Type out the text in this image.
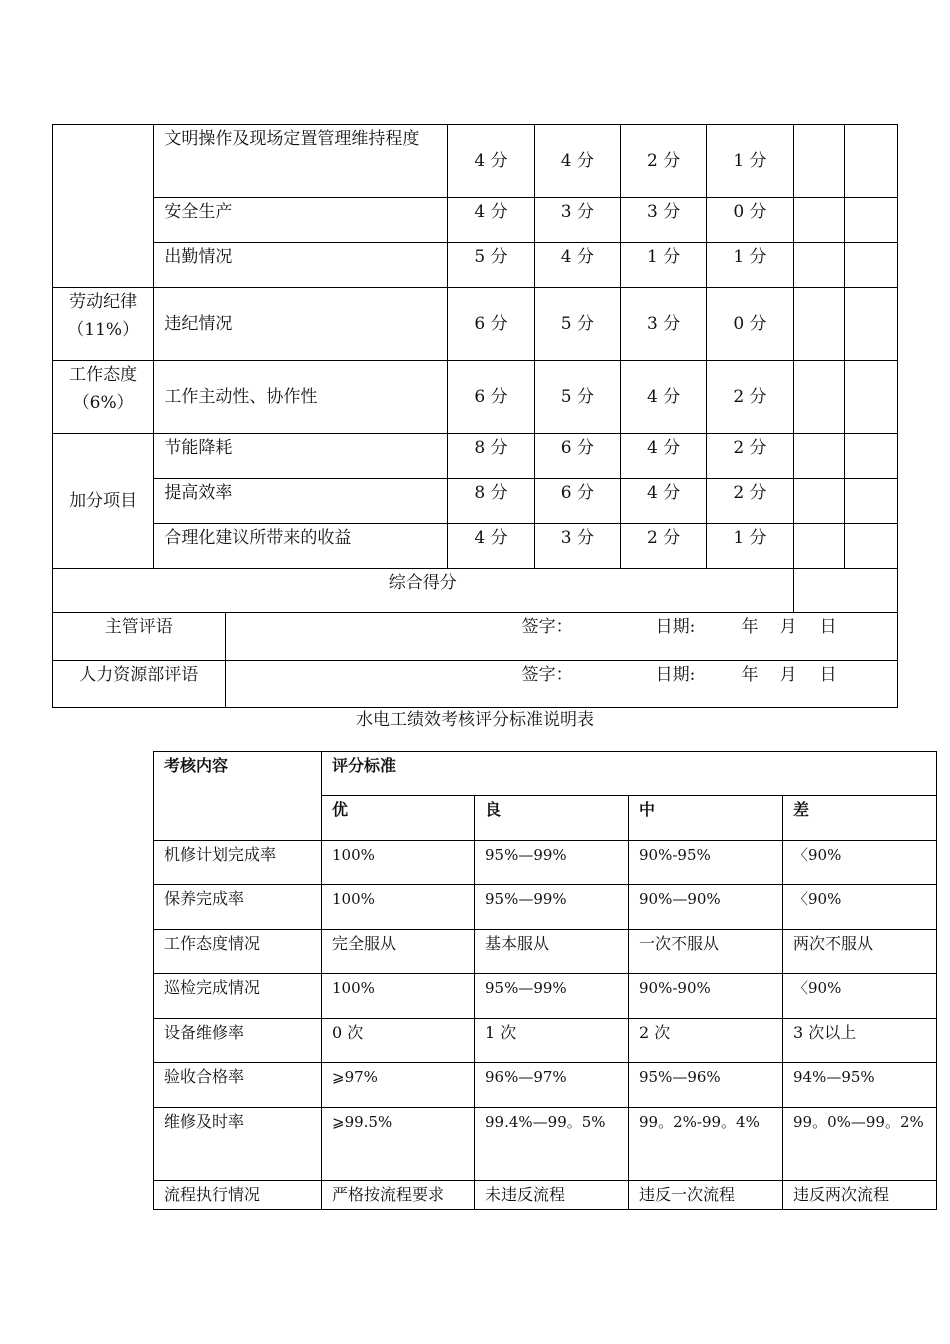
	文明操作及现场定置管理维持程度		4 分	4 分	2 分	1 分		
	安全生产		4 分	3 分	3 分	0 分		
	出勤情况		5 分	4 分	1 分	1 分		

劳动纪律
（11%）	违纪情况		6 分	5 分	3 分	0 分		

工作态度
（6%）	工作主动性、协作性		6 分	5 分	4 分	2 分		
加分项目	节能降耗		8 分	6 分	4 分	2 分		
	提高效率		8 分	6 分	4 分	2 分		
	合理化建议所带来的收益		4 分	3 分	2 分	1 分		
综合得分								
主管评语		签字： 日期: 年 月 日						

人力资源部评语		签字： 日期: 年 月 日						
水电工绩效考核评分标准说明表
考核内容	评分标准			
	优	良	中	差
机修计划完成率	100%	95%—99%	90%-95%	〈90%
保养完成率	100%	95%—99%	90%—90%	〈90%
工作态度情况	完全服从	基本服从	一次不服从	两次不服从
巡检完成情况	100%	95%—99%	90%-90%	〈90%
设备维修率	0 次	1 次	2 次	3 次以上
验收合格率	⩾97%	96%—97%	95%—96%	94%—95%
维修及时率	⩾99.5%	99.4%—99。5%	99。2%-99。4%	99。0%—99。2%
流程执行情况	严格按流程要求	未违反流程	违反一次流程	违反两次流程
